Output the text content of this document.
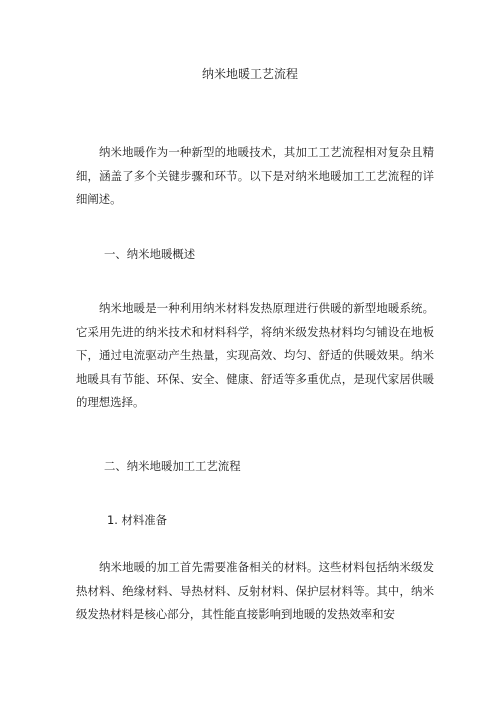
纳米地暖工艺流程

纳米地暖作为一种新型的地暖技术，其加工工艺流程相对复杂且精细，涵盖了多个关键步骤和环节。以下是对纳米地暖加工工艺流程的详细阐述。

一、纳米地暖概述

纳米地暖是一种利用纳米材料发热原理进行供暖的新型地暖系统。它采用先进的纳米技术和材料科学，将纳米级发热材料均匀铺设在地板下，通过电流驱动产生热量，实现高效、均匀、舒适的供暖效果。纳米地暖具有节能、环保、安全、健康、舒适等多重优点，是现代家居供暖的理想选择。

二、纳米地暖加工工艺流程
1. 材料准备

纳米地暖的加工首先需要准备相关的材料。这些材料包括纳米级发热材料、绝缘材料、导热材料、反射材料、保护层材料等。其中，纳米级发热材料是核心部分，其性能直接影响到地暖的发热效率和安
